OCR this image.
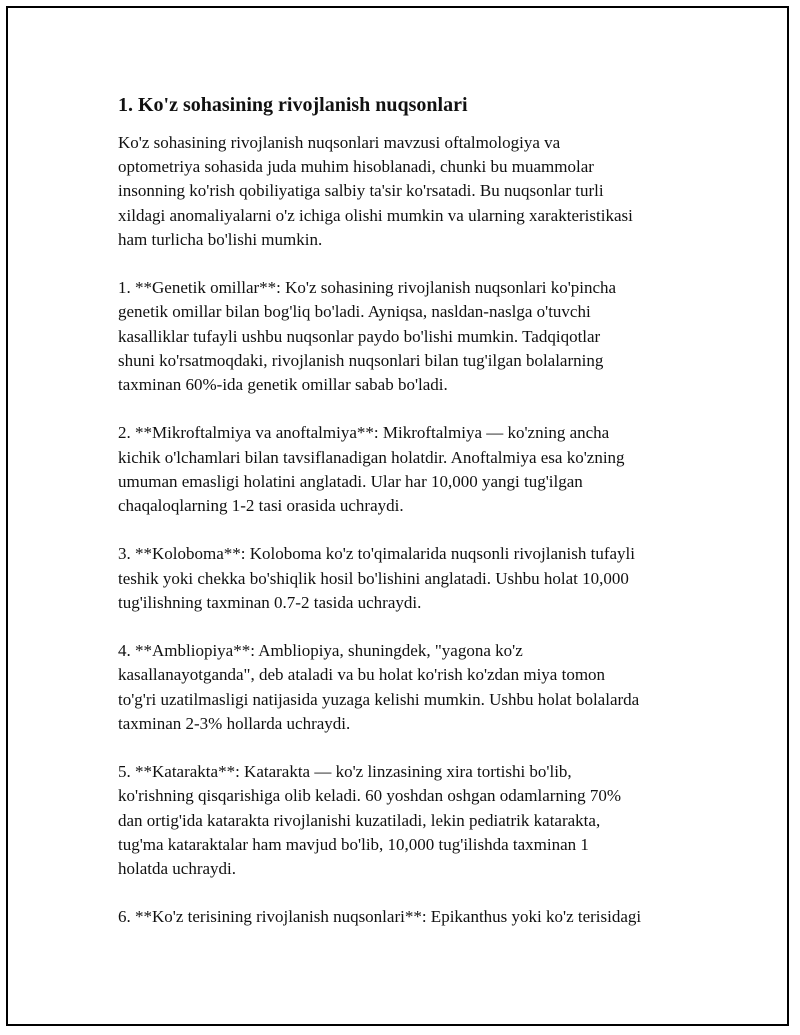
1. Ko'z sohasining rivojlanish nuqsonlari
Ko'z sohasining rivojlanish nuqsonlari mavzusi oftalmologiya va
optometriya sohasida juda muhim hisoblanadi, chunki bu muammolar
insonning ko'rish qobiliyatiga salbiy ta'sir ko'rsatadi. Bu nuqsonlar turli
xildagi anomaliyalarni o'z ichiga olishi mumkin va ularning xarakteristikasi
ham turlicha bo'lishi mumkin.
1. **Genetik omillar**: Ko'z sohasining rivojlanish nuqsonlari ko'pincha
genetik omillar bilan bog'liq bo'ladi. Ayniqsa, nasldan-naslga o'tuvchi
kasalliklar tufayli ushbu nuqsonlar paydo bo'lishi mumkin. Tadqiqotlar
shuni ko'rsatmoqdaki, rivojlanish nuqsonlari bilan tug'ilgan bolalarning
taxminan 60%-ida genetik omillar sabab bo'ladi.
2. **Mikroftalmiya va anoftalmiya**: Mikroftalmiya — ko'zning ancha
kichik o'lchamlari bilan tavsiflanadigan holatdir. Anoftalmiya esa ko'zning
umuman emasligi holatini anglatadi. Ular har 10,000 yangi tug'ilgan
chaqaloqlarning 1-2 tasi orasida uchraydi.
3. **Koloboma**: Koloboma ko'z to'qimalarida nuqsonli rivojlanish tufayli
teshik yoki chekka bo'shiqlik hosil bo'lishini anglatadi. Ushbu holat 10,000
tug'ilishning taxminan 0.7-2 tasida uchraydi.
4. **Ambliopiya**: Ambliopiya, shuningdek, "yagona ko'z
kasallanayotganda", deb ataladi va bu holat ko'rish ko'zdan miya tomon
to'g'ri uzatilmasligi natijasida yuzaga kelishi mumkin. Ushbu holat bolalarda
taxminan 2-3% hollarda uchraydi.
5. **Katarakta**: Katarakta — ko'z linzasining xira tortishi bo'lib,
ko'rishning qisqarishiga olib keladi. 60 yoshdan oshgan odamlarning 70%
dan ortig'ida katarakta rivojlanishi kuzatiladi, lekin pediatrik katarakta,
tug'ma kataraktalar ham mavjud bo'lib, 10,000 tug'ilishda taxminan 1
holatda uchraydi.
6. **Ko'z terisining rivojlanish nuqsonlari**: Epikanthus yoki ko'z terisidagi
